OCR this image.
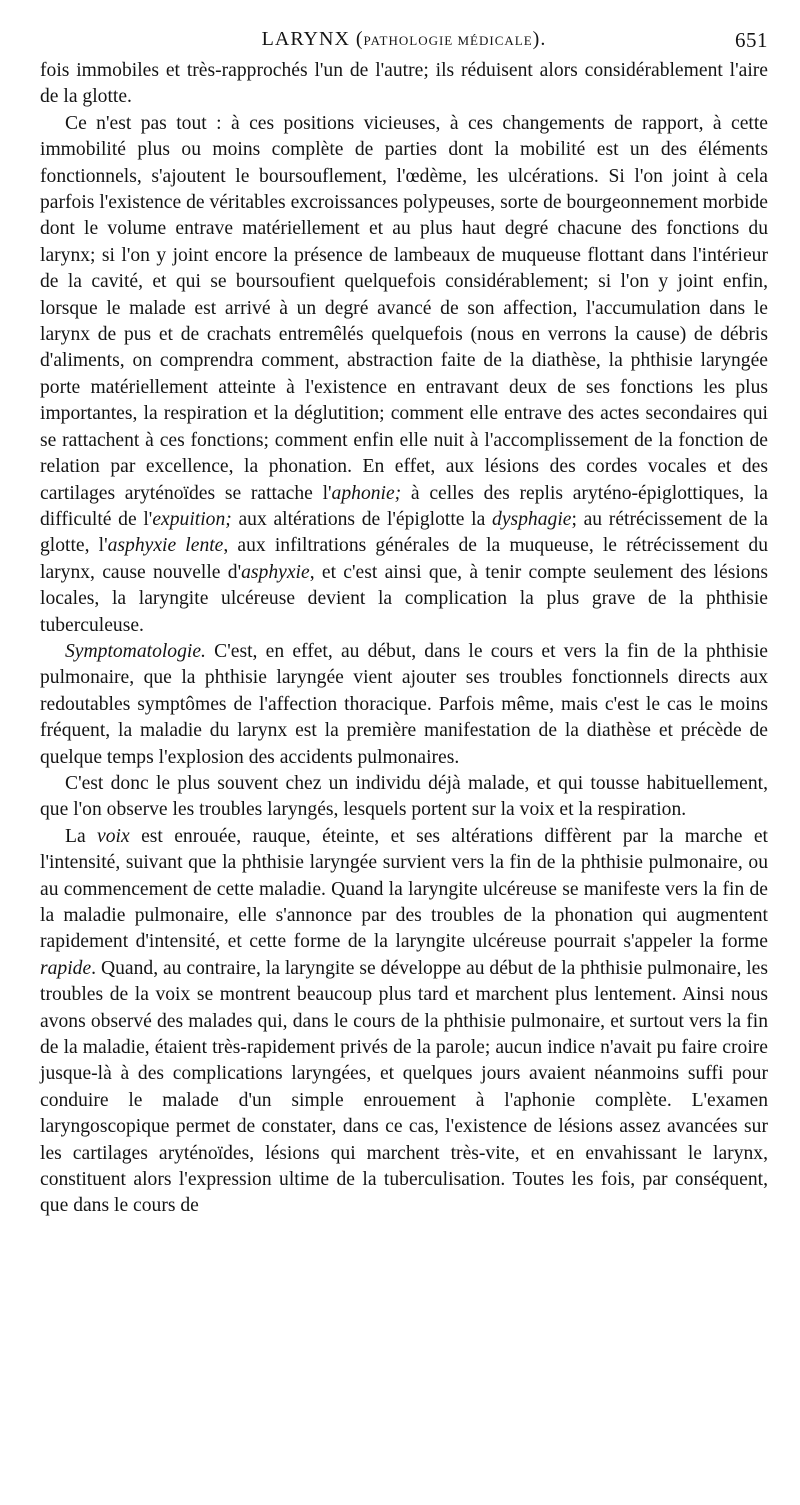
LARYNX (PATHOLOGIE MÉDICALE).	651

fois immobiles et très-rapprochés l'un de l'autre; ils réduisent alors considérablement l'aire de la glotte.

Ce n'est pas tout : à ces positions vicieuses, à ces changements de rapport, à cette immobilité plus ou moins complète de parties dont la mobilité est un des éléments fonctionnels, s'ajoutent le boursouflement, l'œdème, les ulcérations. Si l'on joint à cela parfois l'existence de véritables excroissances polypeuses, sorte de bourgeonnement morbide dont le volume entrave matériellement et au plus haut degré chacune des fonctions du larynx; si l'on y joint encore la présence de lambeaux de muqueuse flottant dans l'intérieur de la cavité, et qui se boursoufient quelquefois considérablement; si l'on y joint enfin, lorsque le malade est arrivé à un degré avancé de son affection, l'accumulation dans le larynx de pus et de crachats entremêlés quelquefois (nous en verrons la cause) de débris d'aliments, on comprendra comment, abstraction faite de la diathèse, la phthisie laryngée porte matériellement atteinte à l'existence en entravant deux de ses fonctions les plus importantes, la respiration et la déglutition; comment elle entrave des actes secondaires qui se rattachent à ces fonctions; comment enfin elle nuit à l'accomplissement de la fonction de relation par excellence, la phonation. En effet, aux lésions des cordes vocales et des cartilages aryténoïdes se rattache l'aphonie; à celles des replis aryténo-épiglottiques, la difficulté de l'expuition; aux altérations de l'épiglotte la dysphagie; au rétrécissement de la glotte, l'asphyxie lente, aux infiltrations générales de la muqueuse, le rétrécissement du larynx, cause nouvelle d'asphyxie, et c'est ainsi que, à tenir compte seulement des lésions locales, la laryngite ulcéreuse devient la complication la plus grave de la phthisie tuberculeuse.

Symptomatologie. C'est, en effet, au début, dans le cours et vers la fin de la phthisie pulmonaire, que la phthisie laryngée vient ajouter ses troubles fonctionnels directs aux redoutables symptômes de l'affection thoracique. Parfois même, mais c'est le cas le moins fréquent, la maladie du larynx est la première manifestation de la diathèse et précède de quelque temps l'explosion des accidents pulmonaires.

C'est donc le plus souvent chez un individu déjà malade, et qui tousse habituellement, que l'on observe les troubles laryngés, lesquels portent sur la voix et la respiration.

La voix est enrouée, rauque, éteinte, et ses altérations diffèrent par la marche et l'intensité, suivant que la phthisie laryngée survient vers la fin de la phthisie pulmonaire, ou au commencement de cette maladie. Quand la laryngite ulcéreuse se manifeste vers la fin de la maladie pulmonaire, elle s'annonce par des troubles de la phonation qui augmentent rapidement d'intensité, et cette forme de la laryngite ulcéreuse pourrait s'appeler la forme rapide. Quand, au contraire, la laryngite se développe au début de la phthisie pulmonaire, les troubles de la voix se montrent beaucoup plus tard et marchent plus lentement. Ainsi nous avons observé des malades qui, dans le cours de la phthisie pulmonaire, et surtout vers la fin de la maladie, étaient très-rapidement privés de la parole; aucun indice n'avait pu faire croire jusque-là à des complications laryngées, et quelques jours avaient néanmoins suffi pour conduire le malade d'un simple enrouement à l'aphonie complète. L'examen laryngoscopique permet de constater, dans ce cas, l'existence de lésions assez avancées sur les cartilages aryténoïdes, lésions qui marchent très-vite, et en envahissant le larynx, constituent alors l'expression ultime de la tuberculisation. Toutes les fois, par conséquent, que dans le cours de
